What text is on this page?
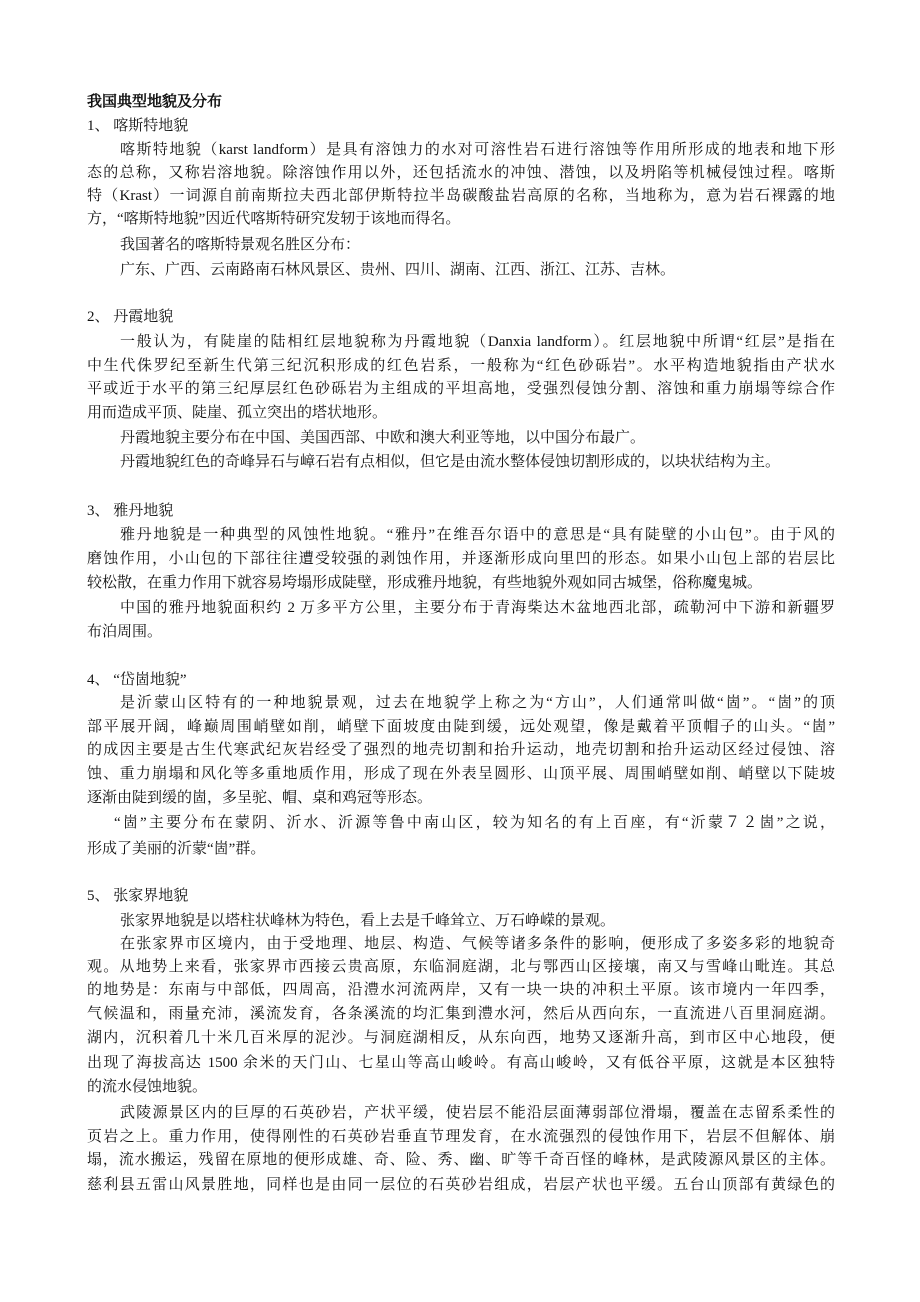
我国典型地貌及分布
1、 喀斯特地貌
喀斯特地貌（karst landform）是具有溶蚀力的水对可溶性岩石进行溶蚀等作用所形成的地表和地下形
态的总称，又称岩溶地貌。除溶蚀作用以外，还包括流水的冲蚀、潜蚀，以及坍陷等机械侵蚀过程。喀斯
特（Krast）一词源自前南斯拉夫西北部伊斯特拉半岛碳酸盐岩高原的名称，当地称为，意为岩石裸露的地
方，“喀斯特地貌”因近代喀斯特研究发轫于该地而得名。
我国著名的喀斯特景观名胜区分布：
广东、广西、云南路南石林风景区、贵州、四川、湖南、江西、浙江、江苏、吉林。
2、 丹霞地貌
一般认为，有陡崖的陆相红层地貌称为丹霞地貌（Danxia landform）。红层地貌中所谓“红层”是指在
中生代侏罗纪至新生代第三纪沉积形成的红色岩系，一般称为“红色砂砾岩”。水平构造地貌指由产状水
平或近于水平的第三纪厚层红色砂砾岩为主组成的平坦高地，受强烈侵蚀分割、溶蚀和重力崩塌等综合作
用而造成平顶、陡崖、孤立突出的塔状地形。
丹霞地貌主要分布在中国、美国西部、中欧和澳大利亚等地，以中国分布最广。
丹霞地貌红色的奇峰异石与嶂石岩有点相似，但它是由流水整体侵蚀切割形成的，以块状结构为主。
3、 雅丹地貌
雅丹地貌是一种典型的风蚀性地貌。“雅丹”在维吾尔语中的意思是“具有陡壁的小山包”。由于风的
磨蚀作用，小山包的下部往往遭受较强的剥蚀作用，并逐渐形成向里凹的形态。如果小山包上部的岩层比
较松散，在重力作用下就容易垮塌形成陡壁，形成雅丹地貌，有些地貌外观如同古城堡，俗称魔鬼城。
中国的雅丹地貌面积约 2 万多平方公里，主要分布于青海柴达木盆地西北部，疏勒河中下游和新疆罗
布泊周围。
4、 “岱崮地貌”
是沂蒙山区特有的一种地貌景观，过去在地貌学上称之为“方山”，人们通常叫做“崮”。“崮”的顶
部平展开阔，峰巅周围峭壁如削，峭壁下面坡度由陡到缓，远处观望，像是戴着平顶帽子的山头。“崮”
的成因主要是古生代寒武纪灰岩经受了强烈的地壳切割和抬升运动，地壳切割和抬升运动区经过侵蚀、溶
蚀、重力崩塌和风化等多重地质作用，形成了现在外表呈圆形、山顶平展、周围峭壁如削、峭壁以下陡坡
逐渐由陡到缓的崮，多呈驼、帽、桌和鸡冠等形态。
“崮”主要分布在蒙阴、沂水、沂源等鲁中南山区，较为知名的有上百座，有“沂蒙７２崮”之说，
形成了美丽的沂蒙“崮”群。
5、 张家界地貌
张家界地貌是以塔柱状峰林为特色，看上去是千峰耸立、万石峥嵘的景观。
在张家界市区境内，由于受地理、地层、构造、气候等诸多条件的影响，便形成了多姿多彩的地貌奇
观。从地势上来看，张家界市西接云贵高原，东临洞庭湖，北与鄂西山区接壤，南又与雪峰山毗连。其总
的地势是：东南与中部低，四周高，沿澧水河流两岸，又有一块一块的冲积土平原。该市境内一年四季，
气候温和，雨量充沛，溪流发育，各条溪流的均汇集到澧水河，然后从西向东，一直流进八百里洞庭湖。
湖内，沉积着几十米几百米厚的泥沙。与洞庭湖相反，从东向西，地势又逐渐升高，到市区中心地段，便
出现了海拔高达 1500 余米的天门山、七星山等高山峻岭。有高山峻岭，又有低谷平原，这就是本区独特
的流水侵蚀地貌。
武陵源景区内的巨厚的石英砂岩，产状平缓，使岩层不能沿层面薄弱部位滑塌，覆盖在志留系柔性的
页岩之上。重力作用，使得刚性的石英砂岩垂直节理发育，在水流强烈的侵蚀作用下，岩层不但解体、崩
塌，流水搬运，残留在原地的便形成雄、奇、险、秀、幽、旷等千奇百怪的峰林，是武陵源风景区的主体。
慈利县五雷山风景胜地，同样也是由同一层位的石英砂岩组成，岩层产状也平缓。五台山顶部有黄绿色的
